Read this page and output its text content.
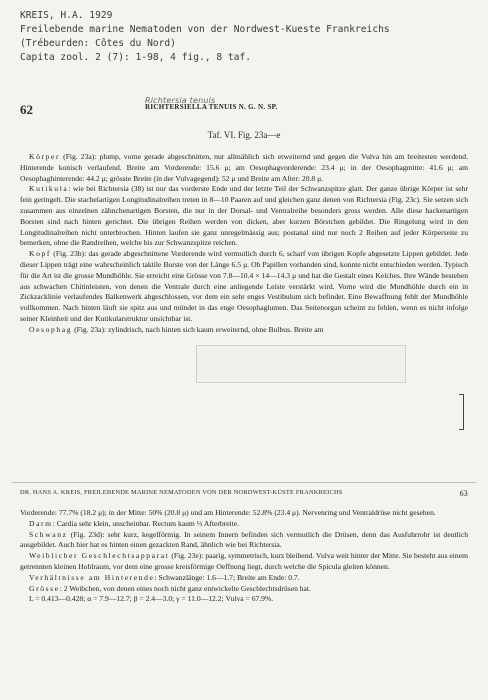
KREIS, H.A. 1929
Freilebende marine Nematoden von der Nordwest-Kueste Frankreichs
(Trébeurden: Côtes du Nord)
Capita zool. 2 (7): 1-98, 4 fig., 8 taf.
62
Richtersia tenuis
RICHTERSIELLA TENUIS N. G. N. SP.
Taf. VI. Fig. 23a—e

Körper (Fig. 23a): plump, vorne gerade abgeschnitten, nur allmählich sich erweiternd und gegen die Vulva hin am breitesten werdend. Hinterende konisch verlaufend. Breite am Vorderende: 15.6 μ; am Oesophagvorderende: 23.4 μ; in der Oesophagmitte: 41.6 μ; am Oesophaghinterende: 44.2 μ; grösste Breite (in der Vulvagegend): 52 μ und Breite am After: 20.8 μ.

Kutikula: wie bei Richtersia (38) ist nur das vorderste Ende und der letzte Teil der Schwanzspitze glatt. Der ganze übrige Körper ist sehr fein geringelt. Die stachelartigen Longitudinalreihen treten in 8—10 Paaren auf und gleichen ganz denen von Richtersia (Fig. 23c). Sie setzen sich zusammen aus einzelnen zähnchenartigen Borsten, die nur in der Dorsal- und Ventralreihe besonders gross werden. Alle diese hackenartigen Borsten sind nach hinten gerichtet. Die übrigen Reihen werden von dicken, aber kurzen Börstchen gebildet. Die Ringelung wird in den Longitudinalreihen nicht unterbrochen. Hinten laufen sie ganz unregelmässig aus; postanal sind nur noch 2 Reihen auf jeder Körperseite zu bemerken, ohne die Randreihen, welche bis zur Schwanzspitze reichen.

Kopf (Fig. 23b): das gerade abgeschnittene Vorderende wird vermutlich durch 6, scharf von übrigen Kopfe abgesetzte Lippen gebildet. Jede dieser Lippen trägt eine wahrscheinlich taktile Borste von der Länge 6.5 μ. Ob Papillen vorhanden sind, konnte nicht entschieden werden. Typisch für die Art ist die grosse Mundhöhle. Sie erreicht eine Grösse von 7.8—10.4 × 14—14.3 μ und hat die Gestalt eines Kelches. Ihre Wände bestehen aus schwachen Chitinleisten, von denen die Ventrale durch eine anliegende Leiste verstärkt wird. Vorne wird die Mundhöhle durch ein in Zickzacklinie verlaufendes Balkenwerk abgeschlossen, vor dem ein sehr enges Vestibulum sich befindet. Eine Bewaffnung fehlt der Mundhöhle vollkommen. Nach hinten läuft sie spitz aus und mündet in das enge Oesophaglumen. Das Seitenorgan scheint zu fehlen, wenn es nicht infolge seiner Kleinheit und der Kutikularstruktur unsichtbar ist.

Oesophag (Fig. 23a): zylindrisch, nach hinten sich kaum erweiternd, ohne Bulbus. Breite am

DR. HANS A. KREIS, FREILEBENDE MARINE NEMATODEN VON DER NORDWEST-KÜSTE FRANKREICHS	63

Vorderende: 77.7% (18.2 μ); in der Mitte: 50% (20.8 μ) und am Hinterende: 52.8% (23.4 μ). Nervenring und Ventraldrüse nicht gesehen.

Darm: Cardia sehr klein, unscheinbar. Rectum kaum ⅓ Afterbreite.

Schwanz (Fig. 23d): sehr kurz, kegelförmig. In seinem Innern befinden sich vermutlich die Drüsen, denn das Ausfuhrrohr ist deutlich ausgebildet. Auch hier hat es hinten einen gezackten Rand, ähnlich wie bei Richtersia.

Weiblicher Geschlechtsapparat (Fig. 23e): paarig, symmetrisch, kurz bleibend. Vulva weit hinter der Mitte. Sie besteht aus einem getrennten kleinen Hohlraum, vor dem eine grosse kreisförmige Oeffnung liegt, durch welche die Spicula gleiten können.

Verhältnisse am Hinterende: Schwanzlänge: 1.6—1.7; Breite am Ende: 0.7.

Grösse: 2 Weibchen, von denen eines noch nicht ganz entwickelte Geschlechtsdrüsen hat.

L = 0.413—0.428; α = 7.9—12.7; β = 2.4—3.0; γ = 11.0—12.2; Vulva = 67.9%.
